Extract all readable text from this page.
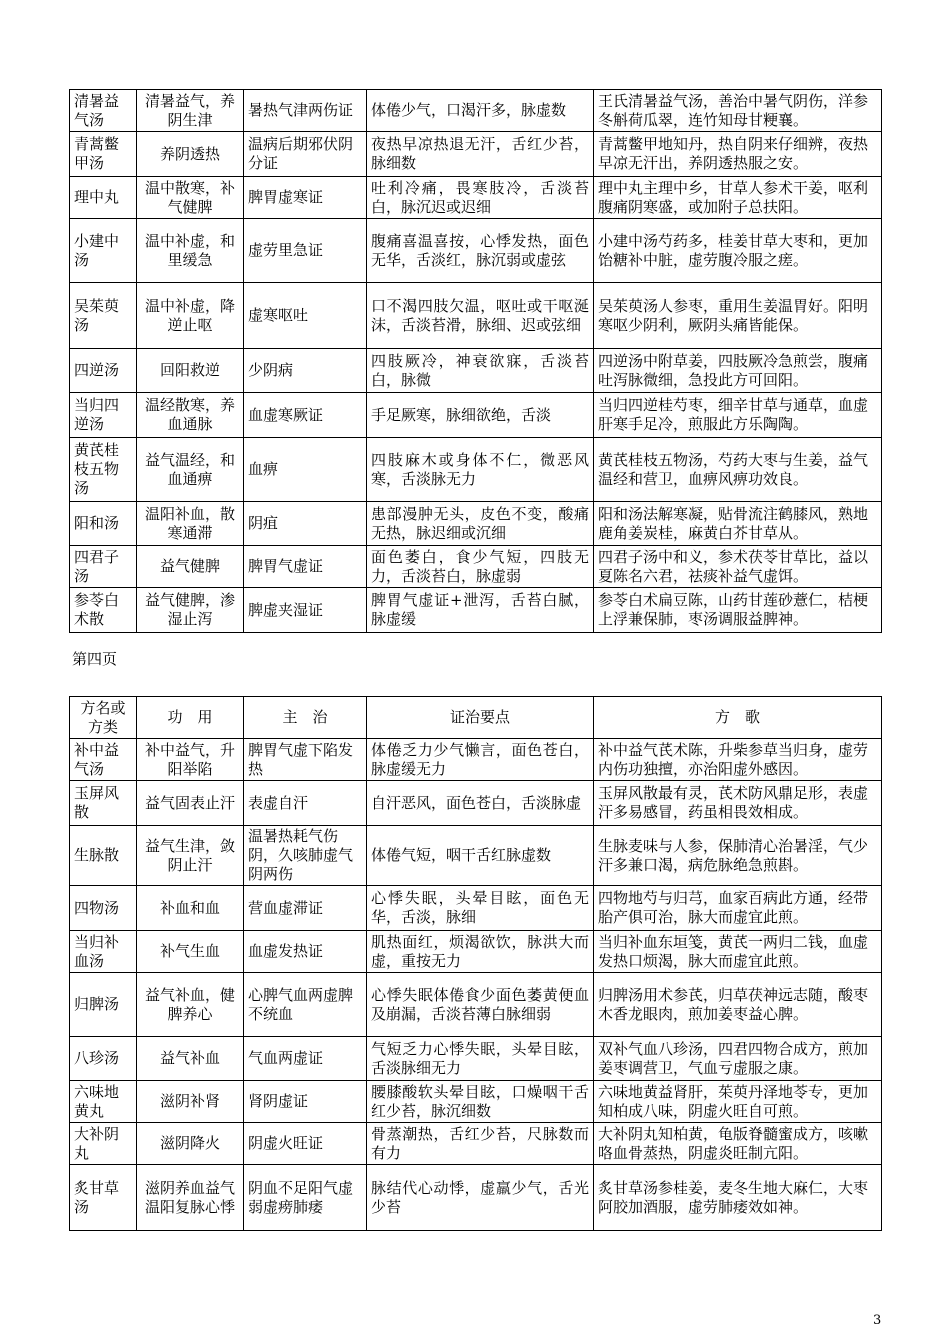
清暑益气汤	清暑益气，养阴生津	暑热气津两伤证	体倦少气，口渴汗多，脉虚数	王氏清暑益气汤，善治中暑气阴伤，洋参冬斛荷瓜翠，连竹知母甘粳襄。
青蒿鳖甲汤	养阴透热	温病后期邪伏阴分证	夜热早凉热退无汗，舌红少苔，脉细数	青蒿鳖甲地知丹，热自阴来仔细辨，夜热早凉无汗出，养阴透热服之安。
理中丸	温中散寒，补气健脾	脾胃虚寒证	吐利冷痛，畏寒肢冷，舌淡苔白，脉沉迟或迟细	理中丸主理中乡，甘草人参术干姜，呕利腹痛阴寒盛，或加附子总扶阳。
小建中汤	温中补虚，和里缓急	虚劳里急证	腹痛喜温喜按，心悸发热，面色无华，舌淡红，脉沉弱或虚弦	小建中汤芍药多，桂姜甘草大枣和，更加饴糖补中脏，虚劳腹冷服之瘥。
吴茱萸汤	温中补虚，降逆止呕	虚寒呕吐	口不渴四肢欠温，呕吐或干呕涎沫，舌淡苔滑，脉细、迟或弦细	吴茱萸汤人参枣，重用生姜温胃好。阳明寒呕少阴利，厥阴头痛皆能保。
四逆汤	回阳救逆	少阴病	四肢厥冷，神衰欲寐，舌淡苔白，脉微	四逆汤中附草姜，四肢厥冷急煎尝，腹痛吐泻脉微细，急投此方可回阳。
当归四逆汤	温经散寒，养血通脉	血虚寒厥证	手足厥寒，脉细欲绝，舌淡	当归四逆桂芍枣，细辛甘草与通草，血虚肝寒手足冷，煎服此方乐陶陶。
黄芪桂枝五物汤	益气温经，和血通痹	血痹	四肢麻木或身体不仁，微恶风寒，舌淡脉无力	黄芪桂枝五物汤，芍药大枣与生姜，益气温经和营卫，血痹风痹功效良。
阳和汤	温阳补血，散寒通滞	阴疽	患部漫肿无头，皮色不变，酸痛无热，脉迟细或沉细	阳和汤法解寒凝，贴骨流注鹤膝风，熟地鹿角姜炭桂，麻黄白芥甘草从。
四君子汤	益气健脾	脾胃气虚证	面色萎白，食少气短，四肢无力，舌淡苔白，脉虚弱	四君子汤中和义，参术茯苓甘草比，益以夏陈名六君，祛痰补益气虚饵。
参苓白术散	益气健脾，渗湿止泻	脾虚夹湿证	脾胃气虚证+泄泻，舌苔白腻，脉虚缓	参苓白术扁豆陈，山药甘莲砂薏仁，桔梗上浮兼保肺，枣汤调服益脾神。
第四页
方名或方类	功　用	主　治	证治要点	方　歌
补中益气汤	补中益气，升阳举陷	脾胃气虚下陷发热	体倦乏力少气懒言，面色苍白，脉虚缓无力	补中益气芪术陈，升柴参草当归身，虚劳内伤功独擅，亦治阳虚外感因。
玉屏风散	益气固表止汗	表虚自汗	自汗恶风，面色苍白，舌淡脉虚	玉屏风散最有灵，芪术防风鼎足形，表虚汗多易感冒，药虽相畏效相成。
生脉散	益气生津，敛阴止汗	温暑热耗气伤阴，久咳肺虚气阴两伤	体倦气短，咽干舌红脉虚数	生脉麦味与人参，保肺清心治暑淫，气少汗多兼口渴，病危脉绝急煎斟。
四物汤	补血和血	营血虚滞证	心悸失眠，头晕目眩，面色无华，舌淡，脉细	四物地芍与归芎，血家百病此方通，经带胎产俱可治，脉大而虚宜此煎。
当归补血汤	补气生血	血虚发热证	肌热面红，烦渴欲饮，脉洪大而虚，重按无力	当归补血东垣笺，黄芪一两归二钱，血虚发热口烦渴，脉大而虚宜此煎。
归脾汤	益气补血，健脾养心	心脾气血两虚脾不统血	心悸失眠体倦食少面色萎黄便血及崩漏，舌淡苔薄白脉细弱	归脾汤用术参芪，归草茯神远志随，酸枣木香龙眼肉，煎加姜枣益心脾。
八珍汤	益气补血	气血两虚证	气短乏力心悸失眠，头晕目眩，舌淡脉细无力	双补气血八珍汤，四君四物合成方，煎加姜枣调营卫，气血亏虚服之康。
六味地黄丸	滋阴补肾	肾阴虚证	腰膝酸软头晕目眩，口燥咽干舌红少苔，脉沉细数	六味地黄益肾肝，茱萸丹泽地苓专，更加知柏成八味，阴虚火旺自可煎。
大补阴丸	滋阴降火	阴虚火旺证	骨蒸潮热，舌红少苔，尺脉数而有力	大补阴丸知柏黄，龟版脊髓蜜成方，咳嗽咯血骨蒸热，阴虚炎旺制亢阳。
炙甘草汤	滋阴养血益气温阳复脉心悸	阴血不足阳气虚弱虚痨肺痿	脉结代心动悸，虚羸少气，舌光少苔	炙甘草汤参桂姜，麦冬生地大麻仁，大枣阿胶加酒服，虚劳肺痿效如神。
3
